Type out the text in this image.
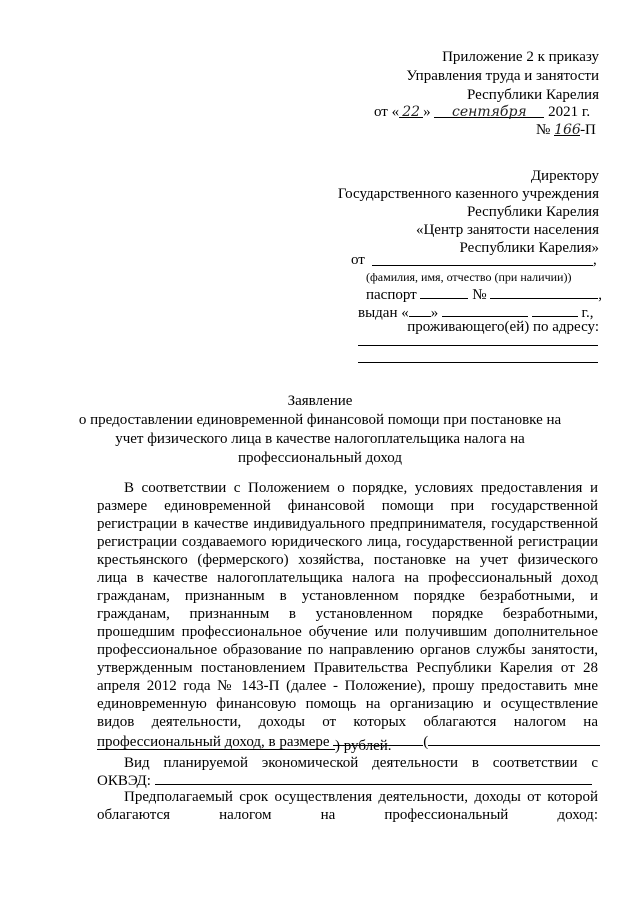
Приложение 2 к приказу
Управления труда и занятости
Республики Карелия
от « 22 » сентября 2021 г.
№ 166-П
Директору
Государственного казенного учреждения
Республики Карелия
«Центр занятости населения
Республики Карелия»
от	,
(фамилия, имя, отчество (при наличии))
паспорт	№	,
выдан « »	г.,
проживающего(ей) по адресу:
Заявление
о предоставлении единовременной финансовой помощи при постановке на
учет физического лица в качестве налогоплательщика налога на
профессиональный доход
В соответствии с Положением о порядке, условиях предоставления и
размере единовременной финансовой помощи при государственной
регистрации в качестве индивидуального предпринимателя, государственной
регистрации создаваемого юридического лица, государственной регистрации
крестьянского (фермерского) хозяйства, постановке на учет физического
лица в качестве налогоплательщика налога на профессиональный доход
гражданам, признанным в установленном порядке безработными, и
гражданам, признанным в установленном порядке безработными,
прошедшим профессиональное обучение или получившим дополнительное
профессиональное образование по направлению органов службы занятости,
утвержденным постановлением Правительства Республики Карелия от 28
апреля 2012 года № 143-П (далее - Положение), прошу предоставить мне
единовременную финансовую помощь на организацию и осуществление
видов деятельности, доходы от которых облагаются налогом на
профессиональный доход, в размере	(
) рублей.
Вид планируемой экономической деятельности в соответствии с
ОКВЭД:
Предполагаемый срок осуществления деятельности, доходы от которой
облагаются налогом на профессиональный доход:
